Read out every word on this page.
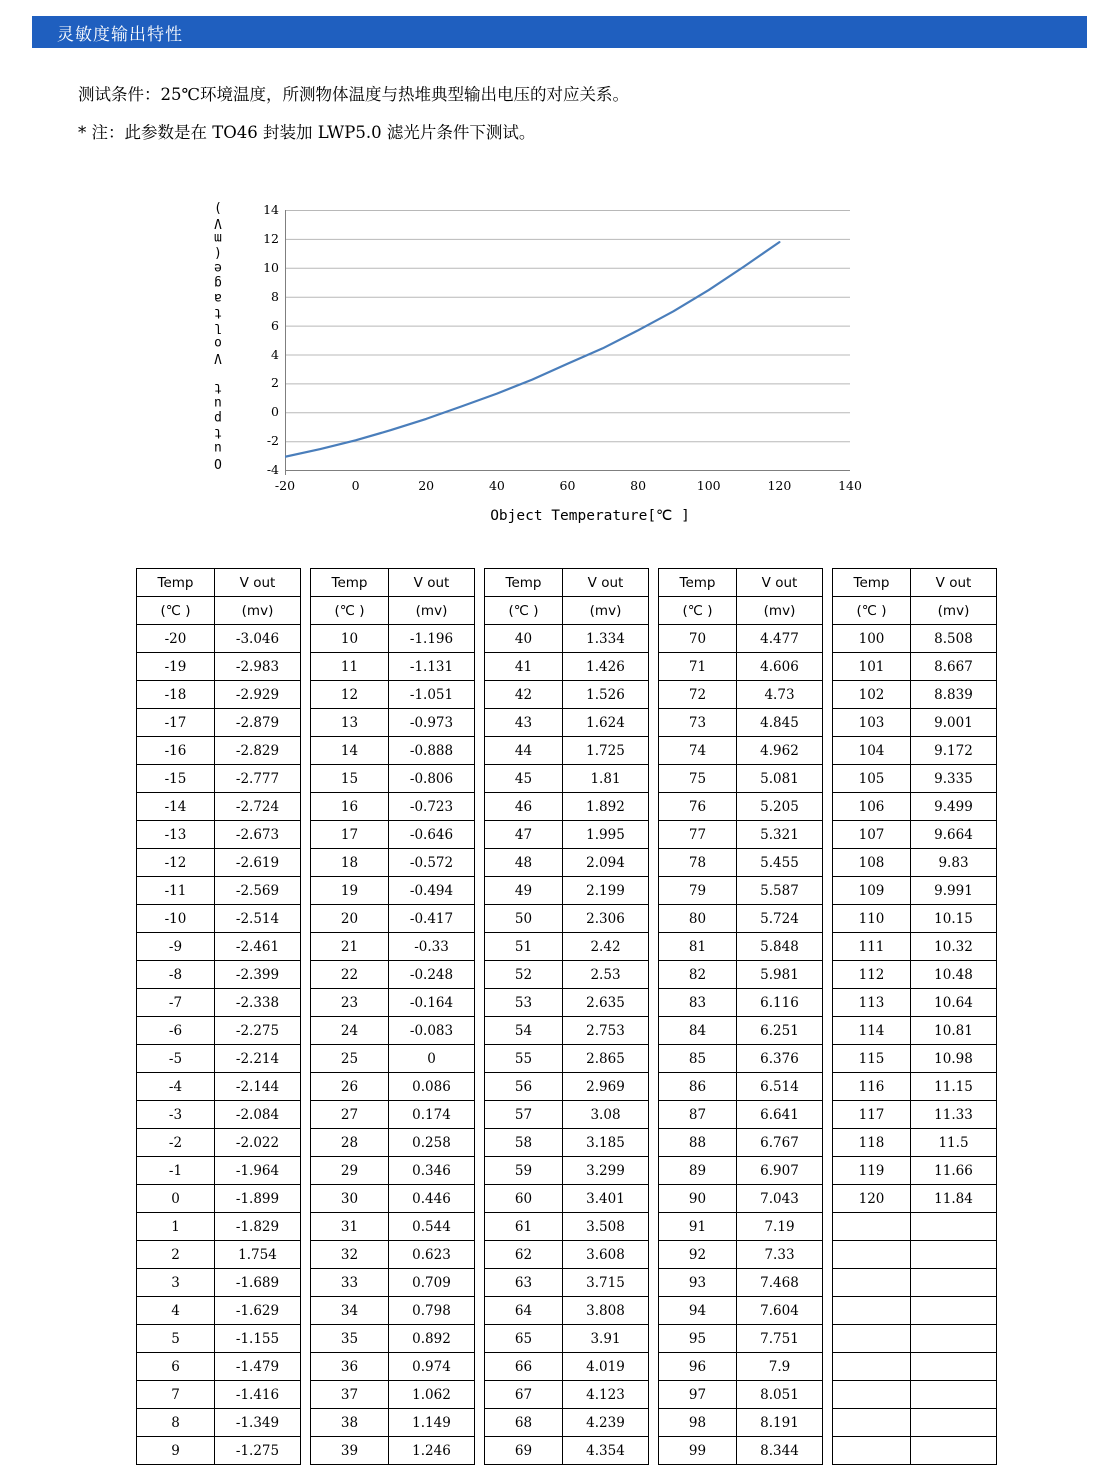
灵敏度输出特性
测试条件：25℃环境温度，所测物体温度与热堆典型输出电压的对应关系。
* 注：此参数是在 TO46 封装加 LWP5.0 滤光片条件下测试。
Output Voltage(mV)	14
12
10
8
6
4
2
0
-2
-4
-20	0	20	40	60	80	100	120	140
Object Temperature[℃ ]
Temp	V out		Temp	V out		Temp	V out		Temp	V out		Temp	V out
(℃ )	(mv)		(℃ )	(mv)		(℃ )	(mv)		(℃ )	(mv)		(℃ )	(mv)
-20	-3.046		10	-1.196		40	1.334		70	4.477		100	8.508
-19	-2.983		11	-1.131		41	1.426		71	4.606		101	8.667
-18	-2.929		12	-1.051		42	1.526		72	4.73		102	8.839
-17	-2.879		13	-0.973		43	1.624		73	4.845		103	9.001
-16	-2.829		14	-0.888		44	1.725		74	4.962		104	9.172
-15	-2.777		15	-0.806		45	1.81		75	5.081		105	9.335
-14	-2.724		16	-0.723		46	1.892		76	5.205		106	9.499
-13	-2.673		17	-0.646		47	1.995		77	5.321		107	9.664
-12	-2.619		18	-0.572		48	2.094		78	5.455		108	9.83
-11	-2.569		19	-0.494		49	2.199		79	5.587		109	9.991
-10	-2.514		20	-0.417		50	2.306		80	5.724		110	10.15
-9	-2.461		21	-0.33		51	2.42		81	5.848		111	10.32
-8	-2.399		22	-0.248		52	2.53		82	5.981		112	10.48
-7	-2.338		23	-0.164		53	2.635		83	6.116		113	10.64
-6	-2.275		24	-0.083		54	2.753		84	6.251		114	10.81
-5	-2.214		25	0		55	2.865		85	6.376		115	10.98
-4	-2.144		26	0.086		56	2.969		86	6.514		116	11.15
-3	-2.084		27	0.174		57	3.08		87	6.641		117	11.33
-2	-2.022		28	0.258		58	3.185		88	6.767		118	11.5
-1	-1.964		29	0.346		59	3.299		89	6.907		119	11.66
0	-1.899		30	0.446		60	3.401		90	7.043		120	11.84
1	-1.829		31	0.544		61	3.508		91	7.19			
2	1.754		32	0.623		62	3.608		92	7.33			
3	-1.689		33	0.709		63	3.715		93	7.468			
4	-1.629		34	0.798		64	3.808		94	7.604			
5	-1.155		35	0.892		65	3.91		95	7.751			
6	-1.479		36	0.974		66	4.019		96	7.9			
7	-1.416		37	1.062		67	4.123		97	8.051			
8	-1.349		38	1.149		68	4.239		98	8.191			
9	-1.275		39	1.246		69	4.354		99	8.344			
